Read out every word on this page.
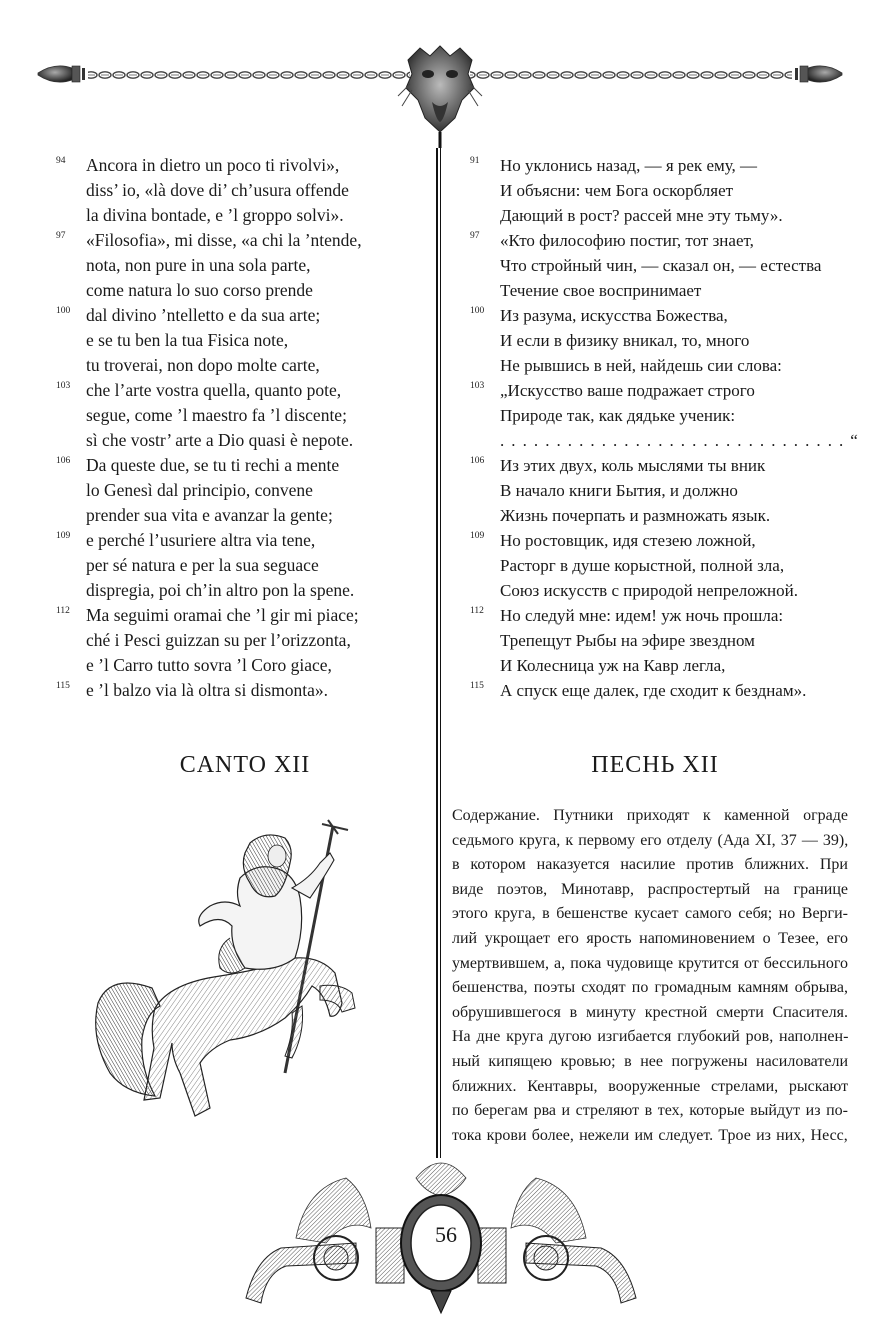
94 Ancora in dietro un poco ti rivolvi»,
diss’ io, «là dove di’ ch’usura offende
la divina bontade, e ’l groppo solvi».
97 «Filosofia», mi disse, «a chi la ’ntende,
nota, non pure in una sola parte,
come natura lo suo corso prende
100 dal divino ’ntelletto e da sua arte;
e se tu ben la tua Fisica note,
tu troverai, non dopo molte carte,
103 che l’arte vostra quella, quanto pote,
segue, come ’l maestro fa ’l discente;
sì che vostr’ arte a Dio quasi è nepote.
106 Da queste due, se tu ti rechi a mente
lo Genesì dal principio, convene
prender sua vita e avanzar la gente;
109 e perché l’usuriere altra via tene,
per sé natura e per la sua seguace
dispregia, poi ch’in altro pon la spene.
112 Ma seguimi oramai che ’l gir mi piace;
ché i Pesci guizzan su per l’orizzonta,
e ’l Carro tutto sovra ’l Coro giace,
115 e ’l balzo via là oltra si dismonta».
91 Но уклонись назад, — я рек ему, —
И объясни: чем Бога оскорбляет
Дающий в рост? рассей мне эту тьму».
97 «Кто философию постиг, тот знает,
Что стройный чин, — сказал он, — естества
Течение свое воспринимает
100 Из разума, искусства Божества,
И если в физику вникал, то, много
Не рывшись в ней, найдешь сии слова:
103 „Искусство ваше подражает строго
Природе так, как дядьке ученик:
. . . . . . . . . . . . . . . . . . . . . . . . . . . . . . . “
106 Из этих двух, коль мыслями ты вник
В начало книги Бытия, и должно
Жизнь почерпать и размножать язык.
109 Но ростовщик, идя стезею ложной,
Расторг в душе корыстной, полной зла,
Союз искусств с природой непреложной.
112 Но следуй мне: идем! уж ночь прошла:
Трепещут Рыбы на эфире звездном
И Колесница уж на Кавр легла,
115 А спуск еще далек, где сходит к безднам».
CANTO XII	ПЕСНЬ XII
Содержание. Путники приходят к каменной ограде
седьмого круга, к первому его отделу (Ада XI, 37 — 39),
в котором наказуется насилие против ближних. При
виде поэтов, Минотавр, распростертый на границе
этого круга, в бешенстве кусает самого себя; но Верги-
лий укрощает его ярость напоминовением о Тезее, его
умертвившем, а, пока чудовище крутится от бессильного
бешенства, поэты сходят по громадным камням обрыва,
обрушившегося в минуту крестной смерти Спасителя.
На дне круга дугою изгибается глубокий ров, наполнен-
ный кипящею кровью; в нее погружены насилователи
ближних. Кентавры, вооруженные стрелами, рыскают
по берегам рва и стреляют в тех, которые выйдут из по-
тока крови более, нежели им следует. Трое из них, Несс,
56
